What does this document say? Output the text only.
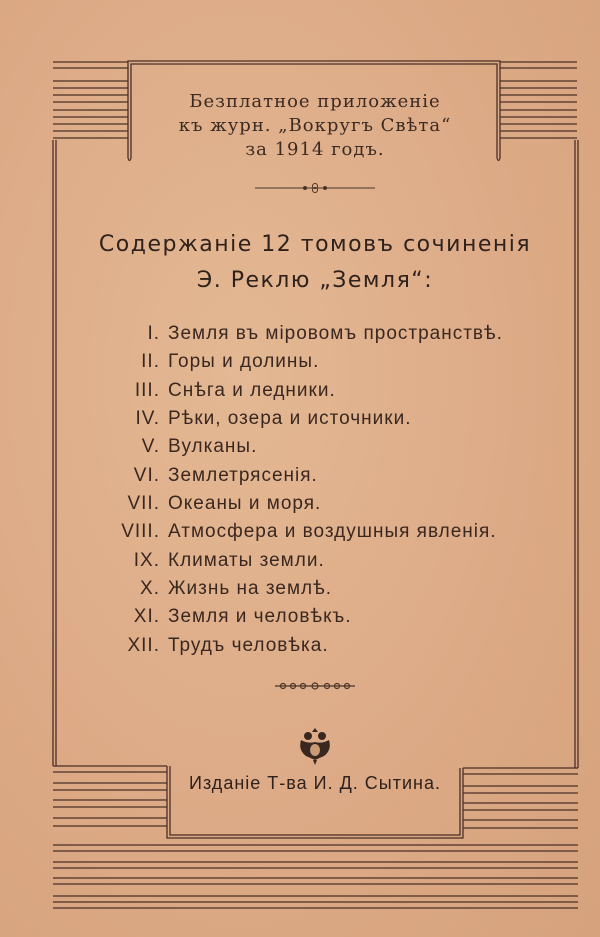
Безплатное приложенie
къ журн. „Вокругъ Свѣта“
за 1914 годъ.
Содержанie 12 томовъ сочиненiя
Э. Реклю „Земля“:
I. Земля въ мiровомъ пространствѣ.
II. Горы и долины.
III. Снѣга и ледники.
IV. Рѣки, озера и источники.
V. Вулканы.
VI. Землетрясенiя.
VII. Океаны и моря.
VIII. Атмосфера и воздушныя явленiя.
IX. Климаты земли.
X. Жизнь на землѣ.
XI. Земля и человѣкъ.
XII. Трудъ человѣка.
Изданie Т-ва И. Д. Сытина.
